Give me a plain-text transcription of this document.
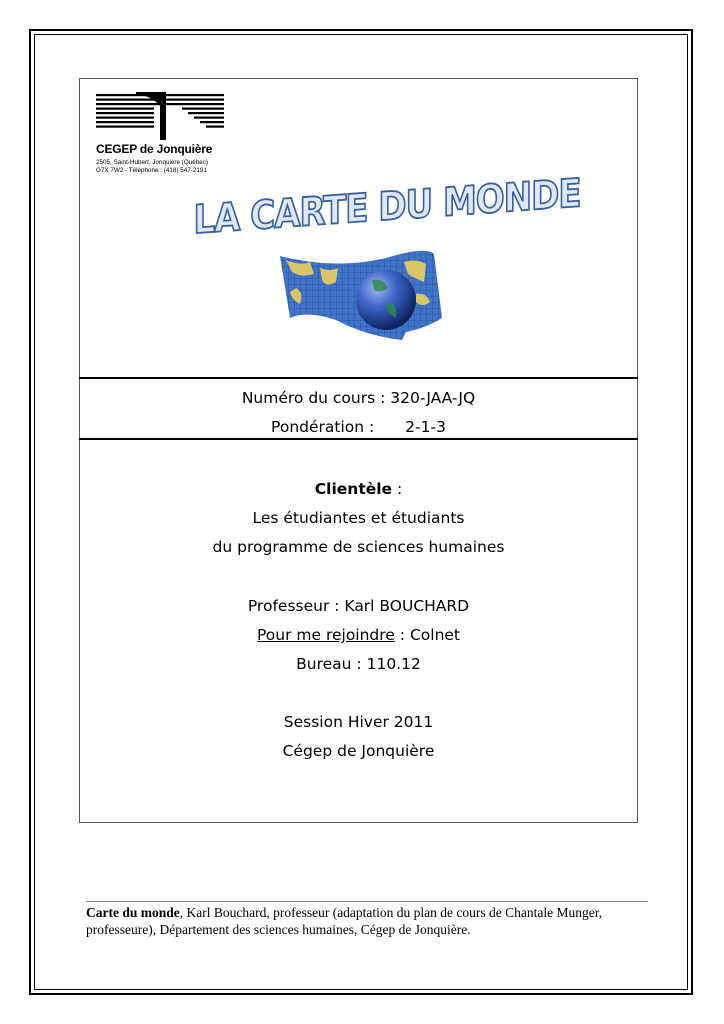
CEGEP de Jonquière
2505, Saint-Hubert, Jonquière (Québec)
G7X 7W2 - Téléphone : (418) 547-2191
LA CARTE DU MONDE
Numéro du cours : 320-JAA-JQ
Pondération : 2-1-3
Clientèle :
Les étudiantes et étudiants
du programme de sciences humaines
Professeur : Karl BOUCHARD
Pour me rejoindre : Colnet
Bureau : 110.12
Session Hiver 2011
Cégep de Jonquière
Carte du monde, Karl Bouchard, professeur (adaptation du plan de cours de Chantale Munger, professeure), Département des sciences humaines, Cégep de Jonquière.
